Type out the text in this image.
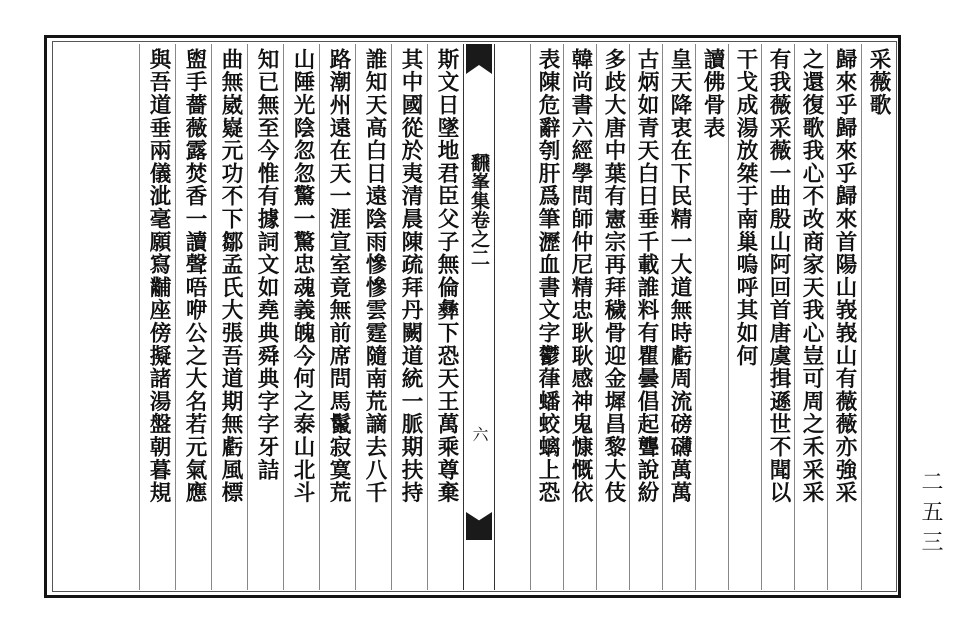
采薇歌
歸來乎歸來乎歸來首陽山峩峩山有薇薇亦強采
之還復歌我心不改商家天我心豈可周之禾采采
有我薇采薇一曲殷山阿回首唐虞揖遜世不聞以
干戈成湯放桀于南巢嗚呼其如何
讀佛骨表
皇天降衷在下民精一大道無時虧周流磅礴萬萬
古炳如青天白日垂千載誰料有瞿曇倡起聾說紛
多歧大唐中葉有憲宗再拜穢骨迎金墀昌黎大伎
韓尚書六經學問師仲尼精忠耿耿感神鬼慷慨依
表陳危辭刳肝爲筆瀝血書文字鬱葎蟠蛟螭上恐
飜峯集卷之二
六
斯文日墜地君臣父子無倫彝下恐天王萬乘尊棄
其中國從於夷清晨陳疏拜丹闕道統一脈期扶持
誰知天高白日遠陰雨慘慘雲霆隨南荒謫去八千
路潮州遠在天一涯宣室竟無前席問馬鬣寂寞荒
山陲光陰忽忽驚一驚忠魂義魄今何之泰山北斗
知已無至今惟有據詞文如堯典舜典字字牙詰
曲無崴嶷元功不下鄒孟氏大張吾道期無虧風標
盥手薔薇露焚香一讀聲唔咿公之大名若元氣應
與吾道垂兩儀泚毫願寫黼座傍擬諸湯盤朝暮規
二五三
